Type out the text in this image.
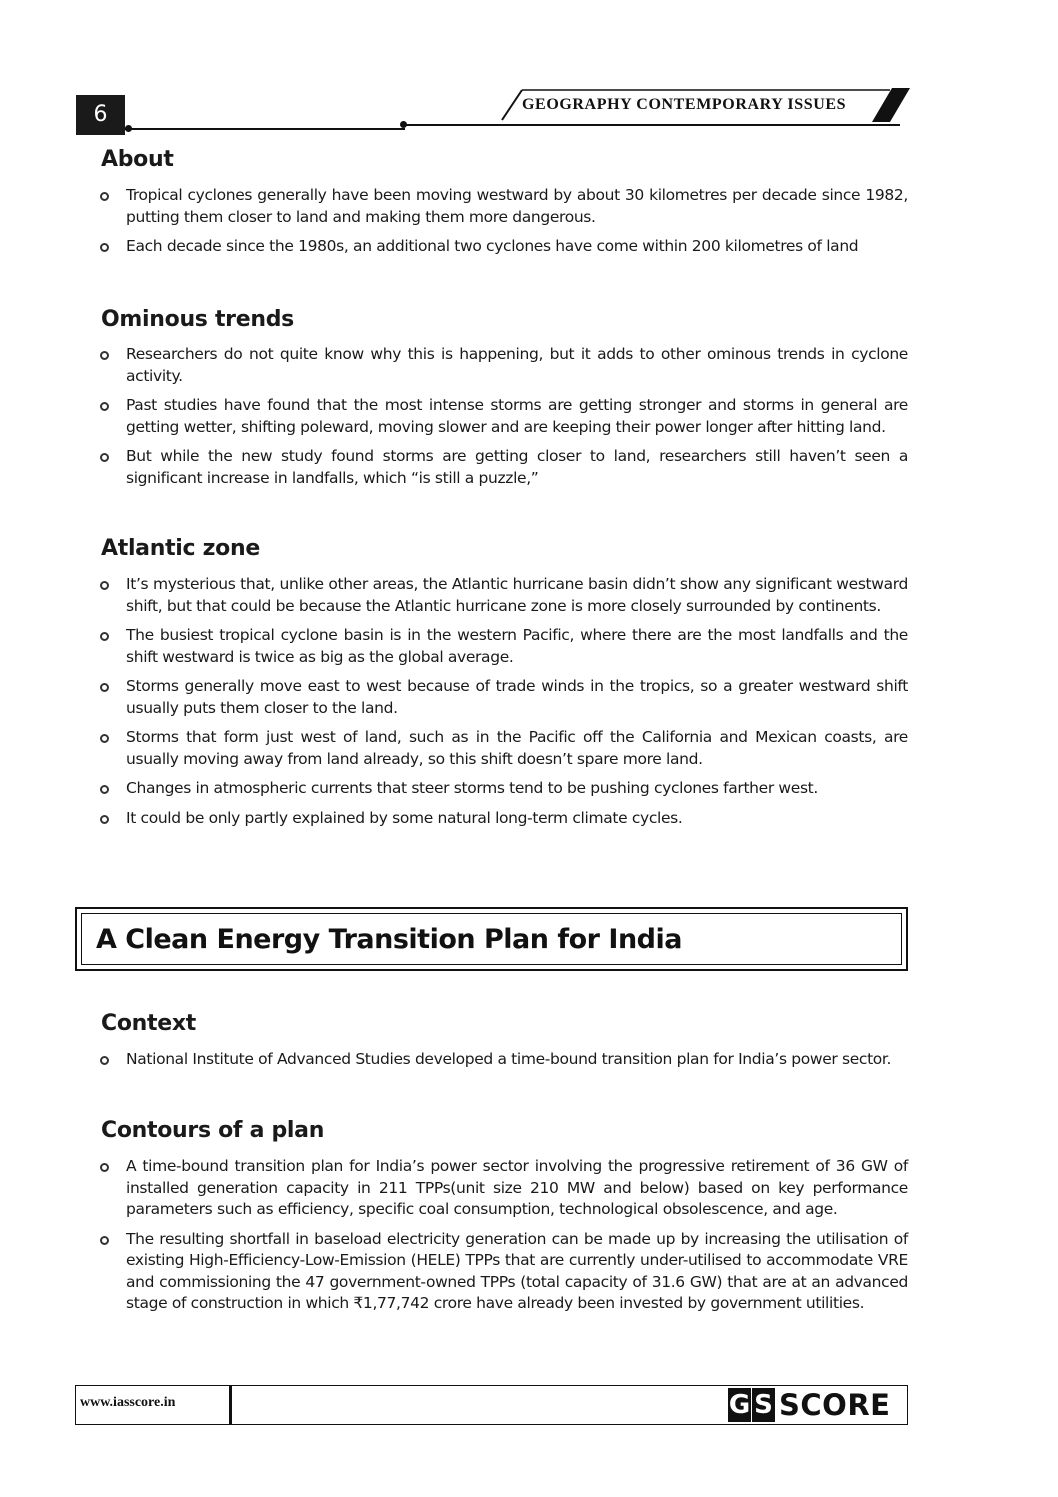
6	GEOGRAPHY CONTEMPORARY ISSUES
About
Tropical cyclones generally have been moving westward by about 30 kilometres per decade since 1982, putting them closer to land and making them more dangerous.
Each decade since the 1980s, an additional two cyclones have come within 200 kilometres of land
Ominous trends
Researchers do not quite know why this is happening, but it adds to other ominous trends in cyclone activity.
Past studies have found that the most intense storms are getting stronger and storms in general are getting wetter, shifting poleward, moving slower and are keeping their power longer after hitting land.
But while the new study found storms are getting closer to land, researchers still haven’t seen a significant increase in landfalls, which “is still a puzzle,”
Atlantic zone
It’s mysterious that, unlike other areas, the Atlantic hurricane basin didn’t show any significant westward shift, but that could be because the Atlantic hurricane zone is more closely surrounded by continents.
The busiest tropical cyclone basin is in the western Pacific, where there are the most landfalls and the shift westward is twice as big as the global average.
Storms generally move east to west because of trade winds in the tropics, so a greater westward shift usually puts them closer to the land.
Storms that form just west of land, such as in the Pacific off the California and Mexican coasts, are usually moving away from land already, so this shift doesn’t spare more land.
Changes in atmospheric currents that steer storms tend to be pushing cyclones farther west.
It could be only partly explained by some natural long-term climate cycles.
A Clean Energy Transition Plan for India
Context
National Institute of Advanced Studies developed a time-bound transition plan for India’s power sector.
Contours of a plan
A time-bound transition plan for India’s power sector involving the progressive retirement of 36 GW of installed generation capacity in 211 TPPs(unit size 210 MW and below) based on key performance parameters such as efficiency, specific coal consumption, technological obsolescence, and age.
The resulting shortfall in baseload electricity generation can be made up by increasing the utilisation of existing High-Efficiency-Low-Emission (HELE) TPPs that are currently under-utilised to accommodate VRE and commissioning the 47 government-owned TPPs (total capacity of 31.6 GW) that are at an advanced stage of construction in which ₹1,77,742 crore have already been invested by government utilities.
www.iasscore.in	G S SCORE
